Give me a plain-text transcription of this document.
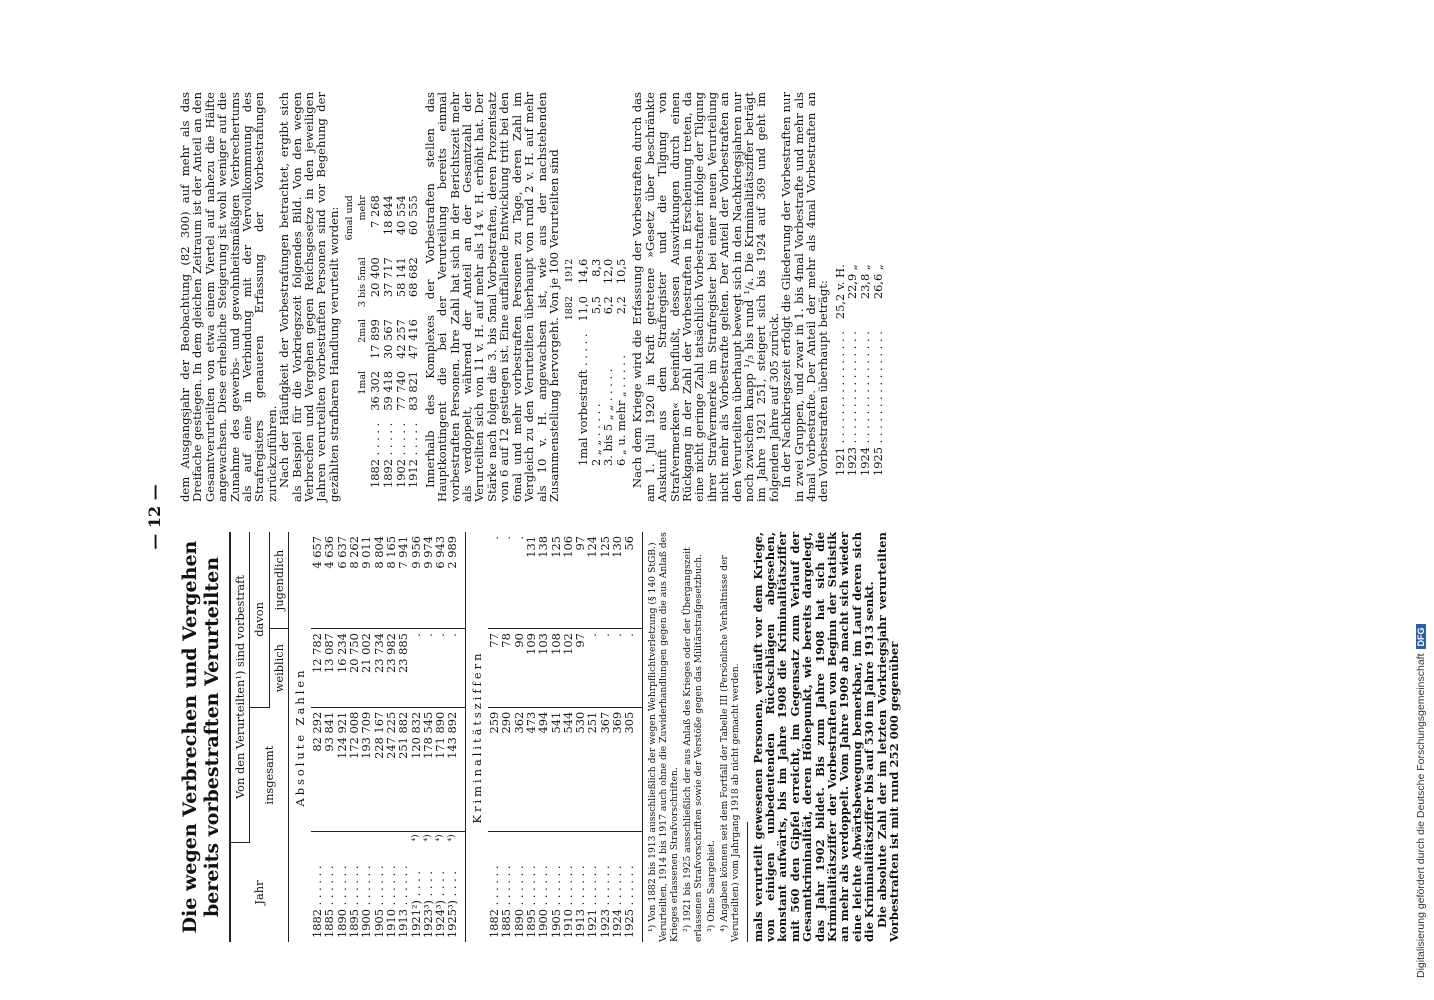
— 12 —
Die wegen Verbrechen und Vergehen bereits vorbestraften Verurteilten	Jahr	Von den Verurteilten¹) sind vorbestraft			
	insgesamt		davon	
			weiblich	jugendlich
Absolute Zahlen				
1882 . . . . . .		82 292	12 782	4 657
1885 . . . . . .		93 841	13 087	4 636
1890 . . . . . .		124 921	16 234	6 637
1895 . . . . . .		172 008	20 750	8 262
1900 . . . . . .		193 709	21 002	9 011
1905 . . . . . .		228 167	23 734	8 804
1910 . . . . . .		247 225	23 982	8 165
1913 . . . . . .		251 882	23 885	7 941
1921²) . . . .	⁴)	120 832	.	9 956
1923³) . . . .	⁴)	178 545	.	9 974
1924³) . . . .	⁴)	171 890	.	6 943
1925³) . . . .	⁴)	143 892	.	2 989
Kriminalitätsziffern				
1882 . . . . . .		259	77	.
1885 . . . . . .		290	78	.
1890 . . . . . .		362	90	.
1895 . . . . . .		473	109	131
1900 . . . . . .		494	103	138
1905 . . . . . .		541	108	125
1910 . . . . . .		544	102	106
1913 . . . . . .		530	97	97
1921 . . . . . .		251	.	124
1923 . . . . . .		367	.	125
1924 . . . . . .		369	.	130
1925 . . . . . .		305	.	56 ¹) Von 1882 bis 1913 ausschließlich der wegen Wehrpflichtverletzung (§ 140 StGB.) Verurteilten, 1914 bis 1917 auch ohne die Zuwiderhandlungen gegen die aus Anlaß des Krieges erlassenen Strafvorschriften. ²) 1921 bis 1925 ausschließlich der aus Anlaß des Krieges oder der Übergangszeit erlassenen Strafvorschriften sowie der Verstöße gegen das Militärstrafgesetzbuch. ³) Ohne Saargebiet. ⁴) Angaben können seit dem Fortfall der Tabelle III (Persönliche Verhältnisse der Verurteilten) vom Jahrgang 1918 ab nicht gemacht werden. mals verurteilt gewesenen Personen, verläuft vor dem Kriege, von einigen unbedeutenden Rückschlägen abgesehen, konstant aufwärts, bis im Jahre 1908 die Kriminalitätsziffer mit 560 den Gipfel erreicht, im Gegensatz zum Verlauf der Gesamtkriminalität, deren Höhepunkt, wie bereits dargelegt, das Jahr 1902 bildet. Bis zum Jahre 1908 hat sich die Kriminalitätsziffer der Vorbestraften von Beginn der Statistik an mehr als verdoppelt. Vom Jahre 1909 ab macht sich wieder eine leichte Abwärtsbewegung bemerkbar, im Lauf deren sich die Kriminalitätsziffer bis auf 530 im Jahre 1913 senkt.

Die absolute Zahl der im letzten Vorkriegsjahr verurteilten Vorbestraften ist mit rund 252 000 gegenüber

dem Ausgangsjahr der Beobachtung (82 300) auf mehr als das Dreifache gestiegen. In dem gleichen Zeitraum ist der Anteil an den Gesamtverurteilten von etwa einem Viertel auf nahezu die Hälfte angewachsen. Diese erhebliche Steigerung ist wohl weniger auf die Zunahme des gewerbs- und gewohnheitsmäßigen Verbrechertums als auf eine in Verbindung mit der Vervollkommnung des Strafregisters genaueren Erfassung der Vorbestrafungen zurückzuführen.

Nach der Häufigkeit der Vorbestrafungen betrachtet, ergibt sich als Beispiel für die Vorkriegszeit folgendes Bild. Von den wegen Verbrechen und Vergehen gegen Reichsgesetze in den jeweiligen Jahren verurteilten vorbestraften Personen sind vor Begehung der gezählten strafbaren Handlung verurteilt worden:

	1mal	2mal	3 bis 5mal	6mal und mehr
1882 . . . . .	36 302	17 899	20 400	7 268
1892 . . . . .	59 418	30 567	37 717	18 844
1902 . . . . .	77 740	42 257	58 141	40 554
1912 . . . . .	83 821	47 416	68 682	60 555 Innerhalb des Komplexes der Vorbestraften stellen das Hauptkontingent die bei der Verurteilung bereits einmal vorbestraften Personen. Ihre Zahl hat sich in der Berichtszeit mehr als verdoppelt, während der Anteil an der Gesamtzahl der Verurteilten sich von 11 v. H. auf mehr als 14 v. H. erhöht hat. Der Stärke nach folgen die 3. bis 5mal Vorbestraften, deren Prozentsatz von 6 auf 12 gestiegen ist. Eine auffallende Entwicklung tritt bei den 6mal und mehr vorbestraften Personen zu Tage, deren Zahl im Vergleich zu den Verurteilten überhaupt von rund 2 v. H. auf mehr als 10 v. H. angewachsen ist, wie aus der nachstehenden Zusammenstellung hervorgeht. Von je 100 Verurteilten sind

	1882	1912
1mal vorbestraft . . . . .	11,0	14,6
2 „ „ . . . . .	5,5	8,3
3. bis 5 „ „ . . . . .	6,2	12,0
6 „ u. mehr „ . . . . .	2,2	10,5 Nach dem Kriege wird die Erfassung der Vorbestraften durch das am 1. Juli 1920 in Kraft getretene »Gesetz über beschränkte Auskunft aus dem Strafregister und die Tilgung von Strafvermerken« beeinflußt, dessen Auswirkungen durch einen Rückgang in der Zahl der Vorbestraften in Erscheinung treten, da eine nicht geringe Zahl tatsächlich Vorbestrafter infolge der Tilgung ihrer Strafvermerke im Strafregister bei einer neuen Verurteilung nicht mehr als Vorbestrafte gelten. Der Anteil der Vorbestraften an den Verurteilten überhaupt bewegt sich in den Nachkriegsjahren nur noch zwischen knapp ¹/₃ bis rund ¹/₄. Die Kriminalitätsziffer beträgt im Jahre 1921 251, steigert sich bis 1924 auf 369 und geht im folgenden Jahre auf 305 zurück.

In der Nachkriegszeit erfolgt die Gliederung der Vorbestraften nur in zwei Gruppen, und zwar in 1. bis 4mal Vorbestrafte und mehr als 4mal Vorbestrafte. Der Anteil der mehr als 4mal Vorbestraften an den Vorbestraften überhaupt beträgt: 1921 . . . . . . . . . . . . . . . .	25,2 v. H.
1923 . . . . . . . . . . . . . . . .	22,9 „
1924 . . . . . . . . . . . . . . . .	23,8 „
1925 . . . . . . . . . . . . . . . .	26,6 „
Digitalisierung gefördert durch die Deutsche ForschungsgemeinschaftDFG
